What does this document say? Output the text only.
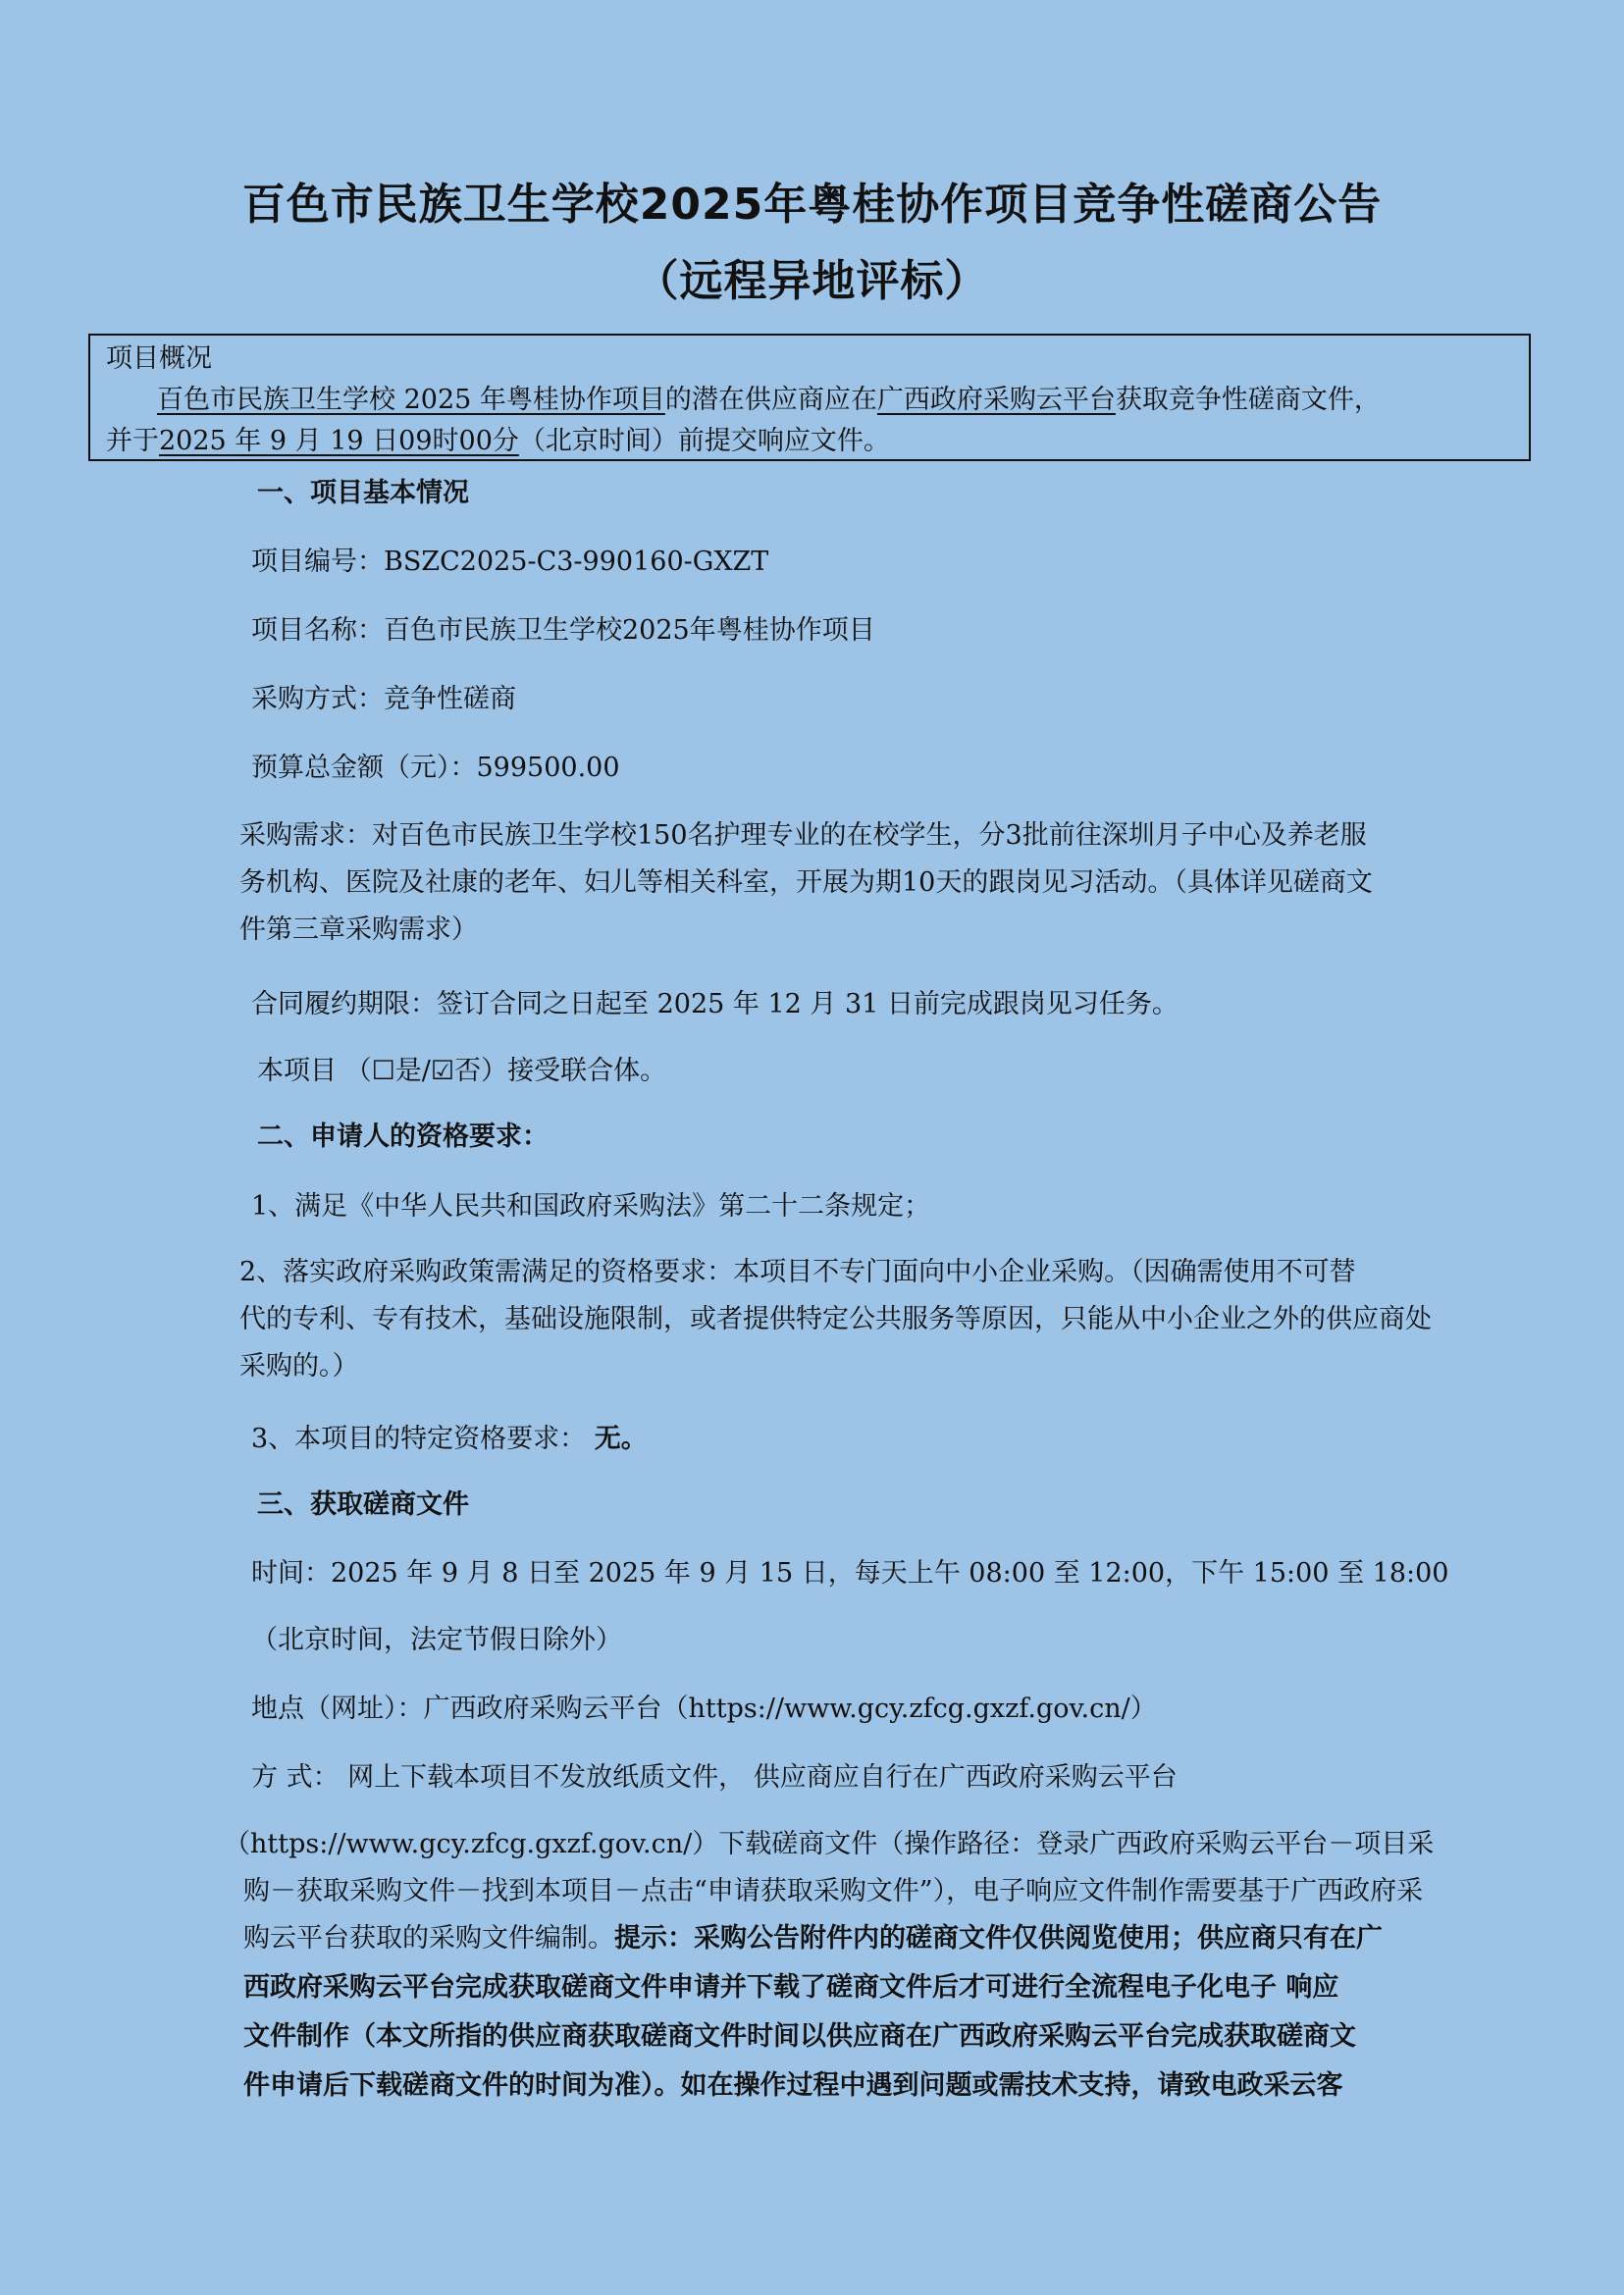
百色市民族卫生学校2025年粤桂协作项目竞争性磋商公告
（远程异地评标）
项目概况
百色市民族卫生学校 2025 年粤桂协作项目的潜在供应商应在广西政府采购云平台获取竞争性磋商文件，
并于2025 年 9 月 19 日09时00分（北京时间）前提交响应文件。
一、项目基本情况
项目编号：BSZC2025-C3-990160-GXZT
项目名称：百色市民族卫生学校2025年粤桂协作项目
采购方式：竞争性磋商
预算总金额（元）：599500.00
采购需求：对百色市民族卫生学校150名护理专业的在校学生，分3批前往深圳月子中心及养老服
务机构、医院及社康的老年、妇儿等相关科室，开展为期10天的跟岗见习活动。（具体详见磋商文
件第三章采购需求）
合同履约期限：签订合同之日起至 2025 年 12 月 31 日前完成跟岗见习任务。
本项目 （☐是/☑否）接受联合体。
二、申请人的资格要求：
1、满足《中华人民共和国政府采购法》第二十二条规定；
2、落实政府采购政策需满足的资格要求：本项目不专门面向中小企业采购。（因确需使用不可替
代的专利、专有技术，基础设施限制，或者提供特定公共服务等原因，只能从中小企业之外的供应商处
采购的。）
3、本项目的特定资格要求： 无。
三、获取磋商文件
时间：2025 年 9 月 8 日至 2025 年 9 月 15 日，每天上午 08:00 至 12:00，下午 15:00 至 18:00
（北京时间，法定节假日除外）
地点（网址）：广西政府采购云平台（https://www.gcy.zfcg.gxzf.gov.cn/）
方 式： 网上下载本项目不发放纸质文件， 供应商应自行在广西政府采购云平台
（https://www.gcy.zfcg.gxzf.gov.cn/）下载磋商文件（操作路径：登录广西政府采购云平台－项目采
购－获取采购文件－找到本项目－点击“申请获取采购文件”），电子响应文件制作需要基于广西政府采
购云平台获取的采购文件编制。提示：采购公告附件内的磋商文件仅供阅览使用；供应商只有在广
西政府采购云平台完成获取磋商文件申请并下载了磋商文件后才可进行全流程电子化电子 响应
文件制作（本文所指的供应商获取磋商文件时间以供应商在广西政府采购云平台完成获取磋商文
件申请后下载磋商文件的时间为准）。如在操作过程中遇到问题或需技术支持，请致电政采云客
